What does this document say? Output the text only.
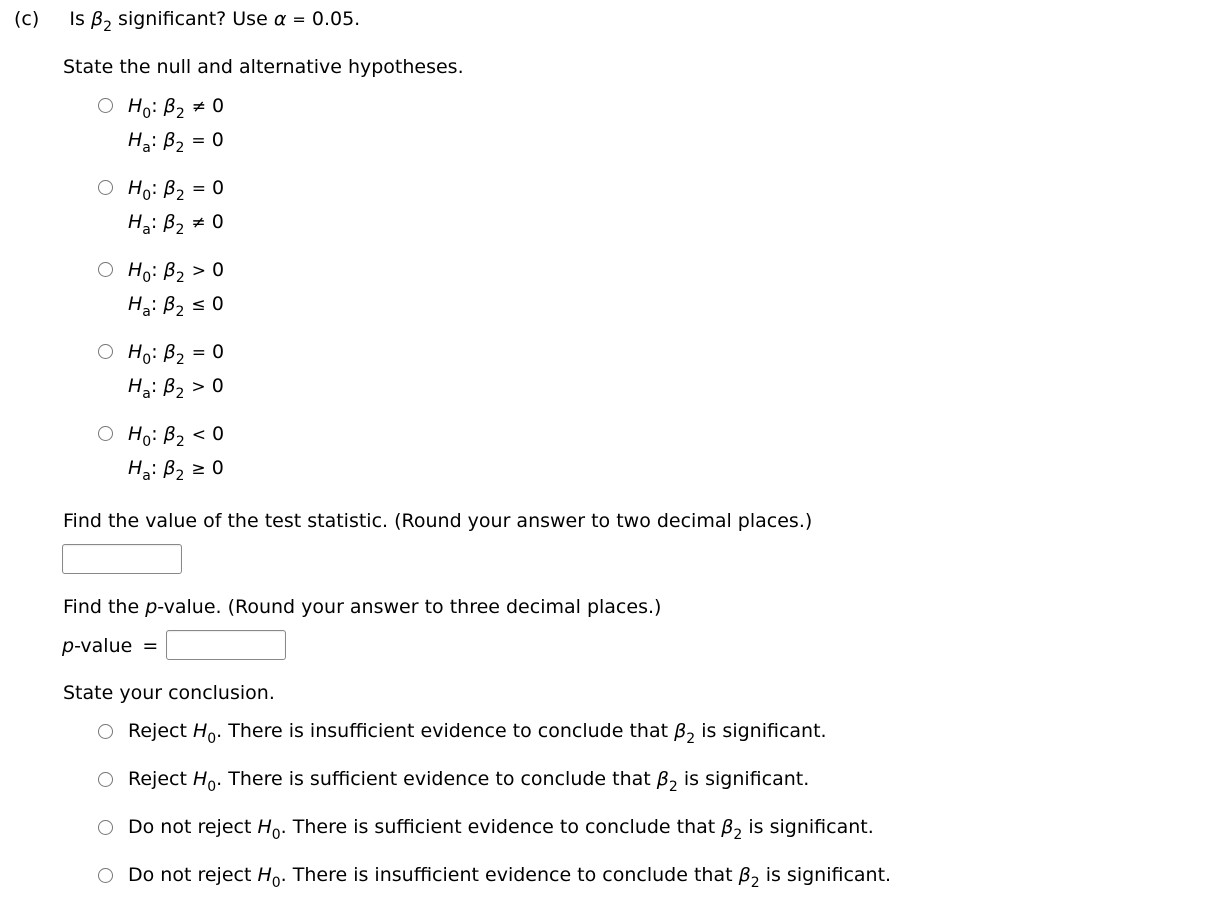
(c) Is $\beta_2$ significant? Use α = 0.05.
State the null and alternative hypotheses.
$H_0$: $\beta_2 \ne 0$
$H_a$: $\beta_2 = 0$
$H_0$: $\beta_2 = 0$
$H_a$: $\beta_2 \ne 0$
$H_0$: $\beta_2 > 0$
$H_a$: $\beta_2 \le 0$
$H_0$: $\beta_2 = 0$
$H_a$: $\beta_2 > 0$
$H_0$: $\beta_2 < 0$
$H_a$: $\beta_2 \ge 0$
Find the value of the test statistic. (Round your answer to two decimal places.)
Find the p-value. (Round your answer to three decimal places.)
p-value =
State your conclusion.
Reject $H_0$. There is insufficient evidence to conclude that $\beta_2$ is significant.
Reject $H_0$. There is sufficient evidence to conclude that $\beta_2$ is significant.
Do not reject $H_0$. There is sufficient evidence to conclude that $\beta_2$ is significant.
Do not reject $H_0$. There is insufficient evidence to conclude that $\beta_2$ is significant.
